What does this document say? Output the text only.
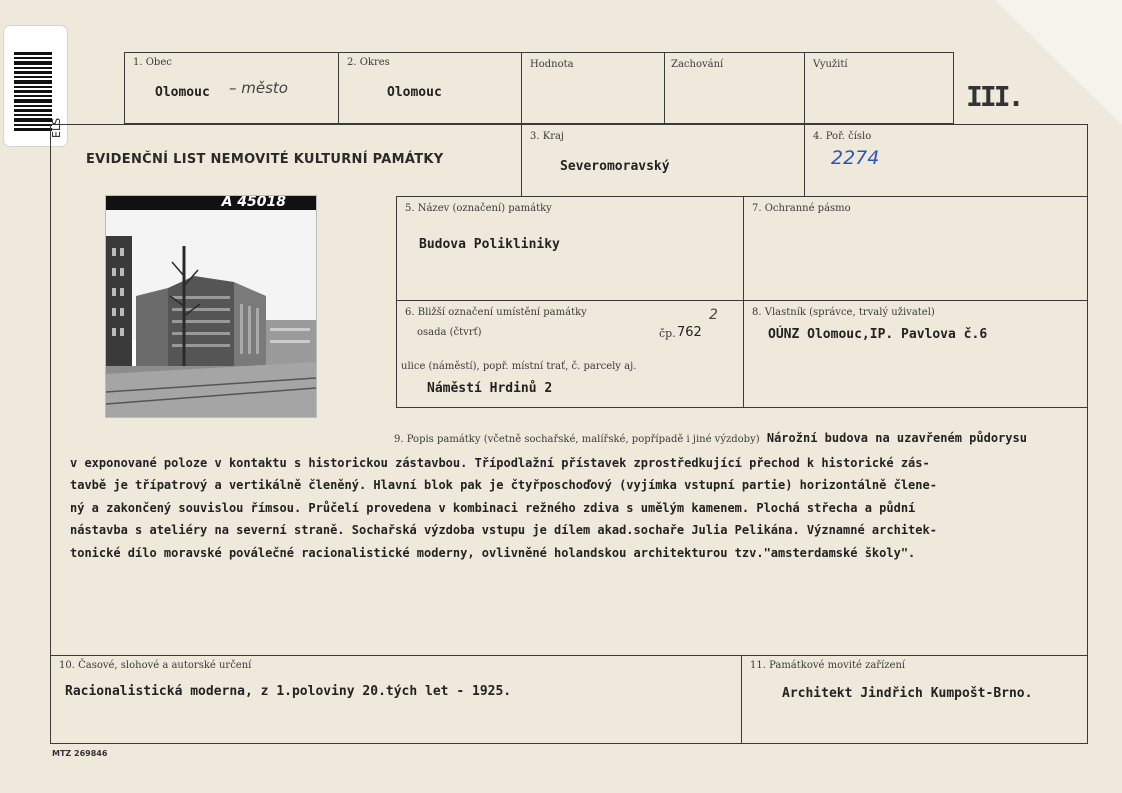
ELS
1. Obec
Olomouc – město
2. Okres
Olomouc
Hodnota	Zachování	Využití
III.
EVIDENČNÍ LIST NEMOVITÉ KULTURNÍ PAMÁTKY
3. Kraj
Severomoravský
4. Poř. číslo
2274
A 45018	5. Název (označení) památky
Budova Polikliniky
7. Ochranné pásmo
6. Bližší označení umístění památky
osada (čtvrť)	čp. 762
2
ulice (náměstí), popř. místní trať, č. parcely aj.
Náměstí Hrdinů 2
8. Vlastník (správce, trvalý uživatel)
OÚNZ Olomouc,IP. Pavlova č.6
9. Popis památky (včetně sochařské, malířské, popřípadě i jiné výzdoby) Nárožní budova na uzavřeném půdorysu
v exponované poloze v kontaktu s historickou zástavbou. Třípodlažní přístavek zprostředkující přechod k historické zás-
tavbě je třípatrový a vertikálně členěný. Hlavní blok pak je čtyřposchoďový (vyjímka vstupní partie) horizontálně člene-
ný a zakončený souvislou římsou. Průčelí provedena v kombinaci režného zdiva s umělým kamenem. Plochá střecha a půdní
nástavba s ateliéry na severní straně. Sochařská výzdoba vstupu je dílem akad.sochaře Julia Pelikána. Významné architek-
tonické dílo moravské poválečné racionalistické moderny, ovlivněné holandskou architekturou tzv."amsterdamské školy".
10. Časové, slohové a autorské určení
Racionalistická moderna, z 1.poloviny 20.tých let - 1925.
11. Památkové movité zařízení
Architekt Jindřich Kumpošt-Brno.
MTZ 269846
